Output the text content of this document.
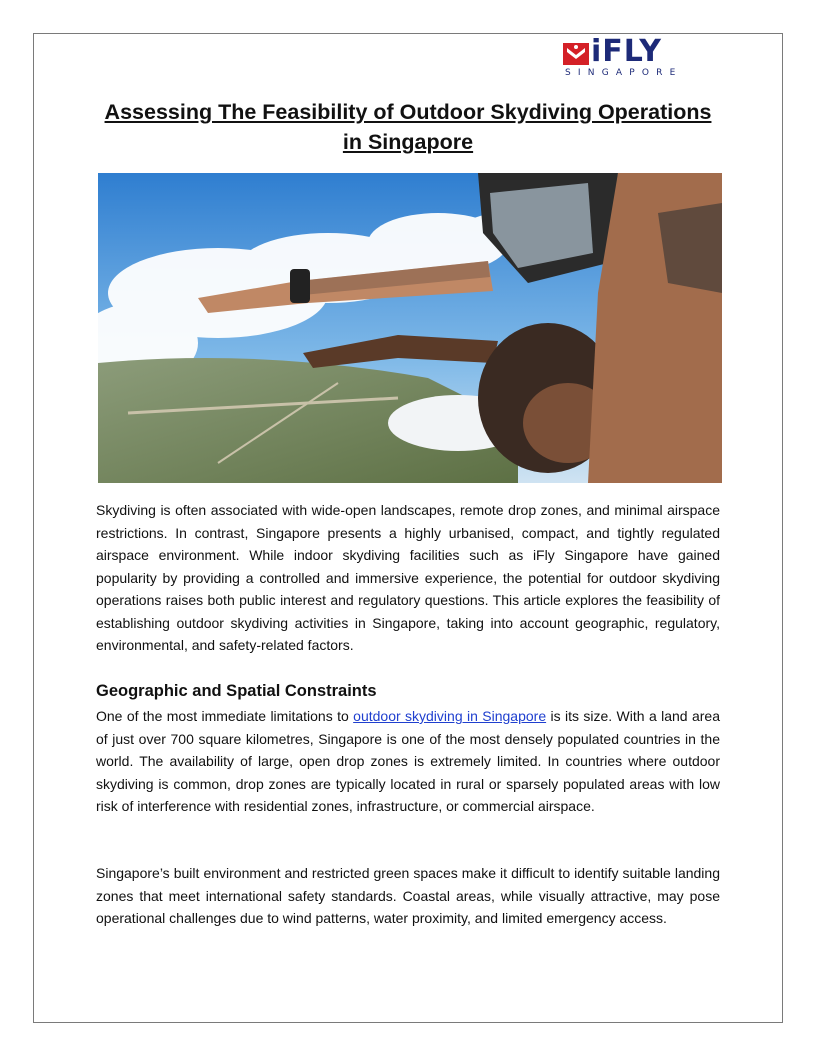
iFLY
SINGAPORE
Assessing The Feasibility of Outdoor Skydiving Operations in Singapore

Skydiving is often associated with wide-open landscapes, remote drop zones, and minimal airspace restrictions. In contrast, Singapore presents a highly urbanised, compact, and tightly regulated airspace environment. While indoor skydiving facilities such as iFly Singapore have gained popularity by providing a controlled and immersive experience, the potential for outdoor skydiving operations raises both public interest and regulatory questions. This article explores the feasibility of establishing outdoor skydiving activities in Singapore, taking into account geographic, regulatory, environmental, and safety-related factors.

Geographic and Spatial Constraints

One of the most immediate limitations to outdoor skydiving in Singapore is its size. With a land area of just over 700 square kilometres, Singapore is one of the most densely populated countries in the world. The availability of large, open drop zones is extremely limited. In countries where outdoor skydiving is common, drop zones are typically located in rural or sparsely populated areas with low risk of interference with residential zones, infrastructure, or commercial airspace.

Singapore’s built environment and restricted green spaces make it difficult to identify suitable landing zones that meet international safety standards. Coastal areas, while visually attractive, may pose operational challenges due to wind patterns, water proximity, and limited emergency access.
